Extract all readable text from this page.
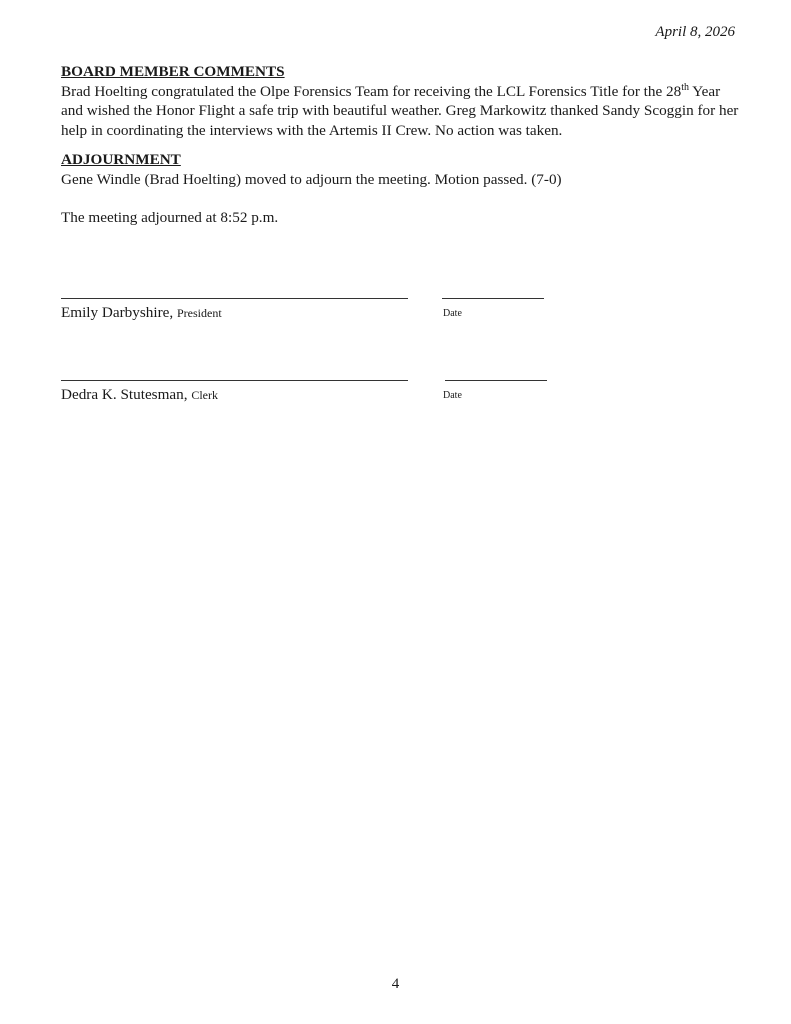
April 8, 2026

BOARD MEMBER COMMENTS

Brad Hoelting congratulated the Olpe Forensics Team for receiving the LCL Forensics Title for the 28th Year and wished the Honor Flight a safe trip with beautiful weather. Greg Markowitz thanked Sandy Scoggin for her help in coordinating the interviews with the Artemis II Crew. No action was taken.

ADJOURNMENT

Gene Windle (Brad Hoelting) moved to adjourn the meeting. Motion passed. (7-0)

The meeting adjourned at 8:52 p.m.

Emily Darbyshire, President	Date
Dedra K. Stutesman, Clerk	Date
4
